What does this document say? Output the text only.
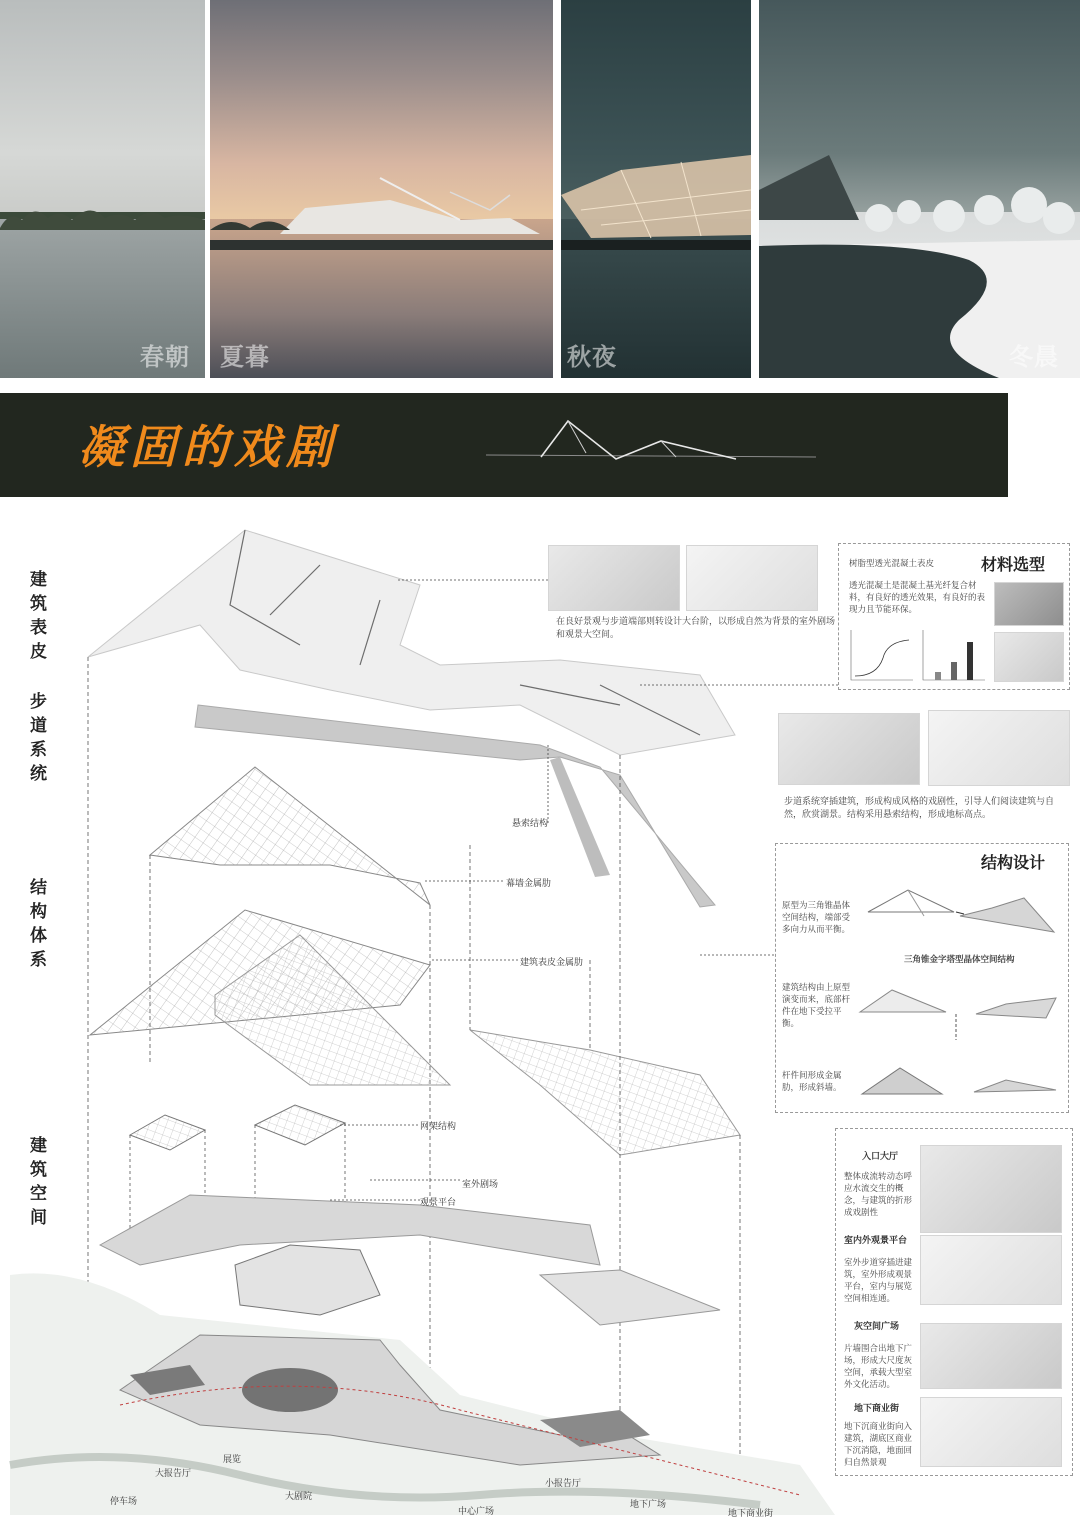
春朝 夏暮	秋夜	冬晨
凝固的戏剧
建筑表皮
步道系统
结构体系
建筑空间
悬索结构
幕墙金属肋
建筑表皮金属肋
网架结构
室外剧场
观景平台
停车场
大报告厅
展览
大剧院
中心广场
小报告厅
地下广场
地下商业街
在良好景观与步道端部则转设计大台阶，以形成自然为背景的室外剧场和观景大空间。
树脂型透光混凝土表皮	材料选型
透光混凝土是混凝土基光纤复合材料，有良好的透光效果，有良好的表现力且节能环保。
步道系统穿插建筑，形成构成风格的戏剧性，引导人们阅读建筑与自然，欣赏湖景。结构采用悬索结构，形成地标高点。
结构设计
原型为三角锥晶体空间结构，端部受多向力从而平衡。
三角锥金字塔型晶体空间结构
建筑结构由上原型演变而来，底部杆件在地下受拉平衡。
杆件间形成金属肋，形成斜墙。
入口大厅
整体成流转动态呼应水流交生的概念，与建筑的折形成戏剧性
室内外观景平台
室外步道穿插进建筑，室外形成观景平台，室内与展览空间相连通。
灰空间广场
片墙围合出地下广场，形成大尺度灰空间，承载大型室外文化活动。
地下商业街
地下沉商业街向入建筑，湖底区商业下沉消隐，地面回归自然景观
